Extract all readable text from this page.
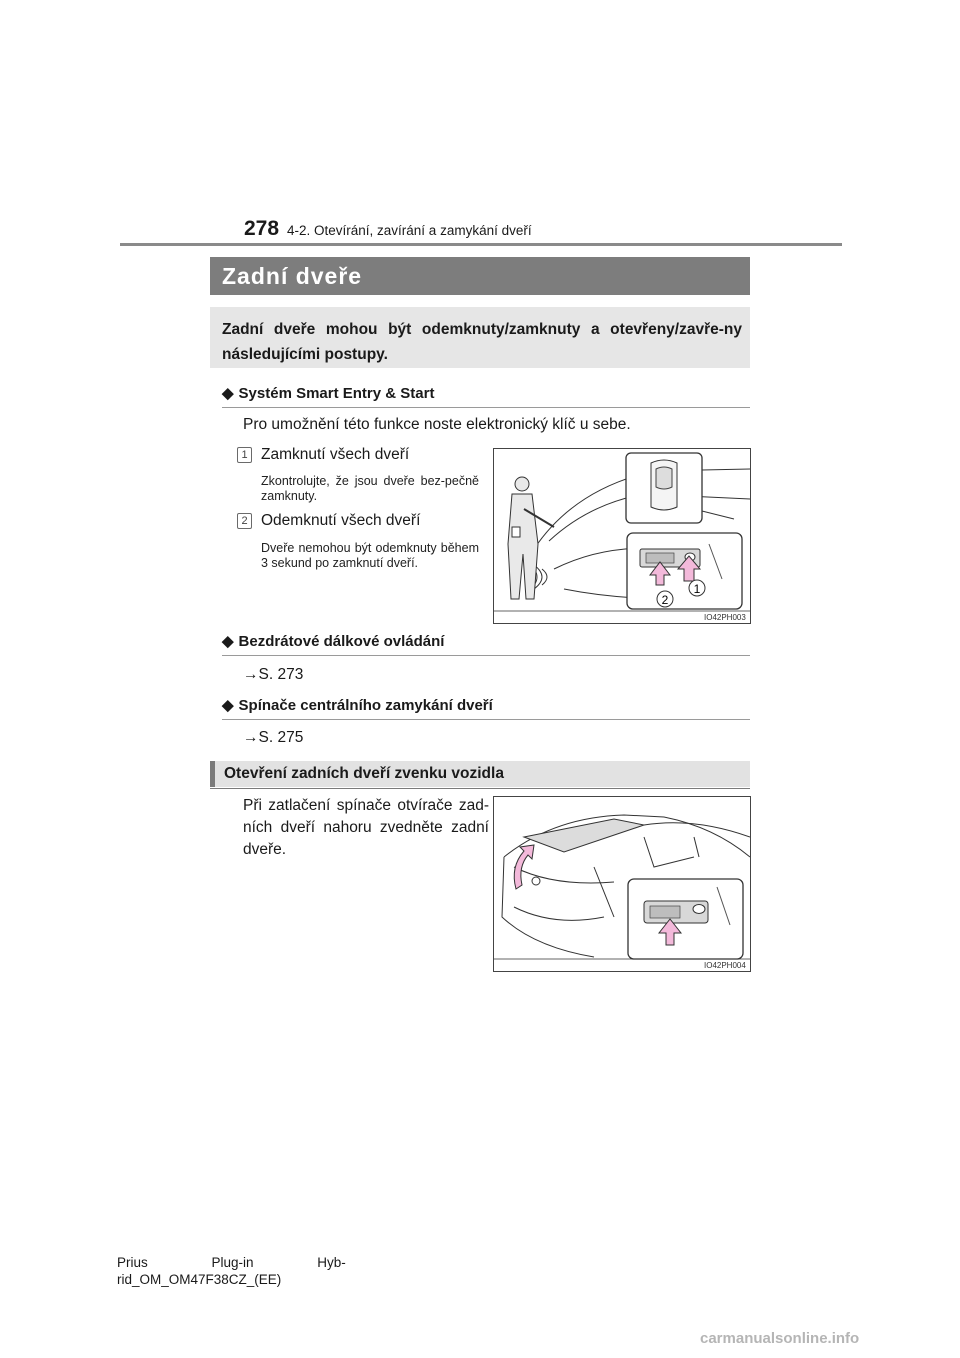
278 4-2. Otevírání, zavírání a zamykání dveří
Zadní dveře
Zadní dveře mohou být odemknuty/zamknuty a otevřeny/zavře-ny následujícími postupy.
◆ Systém Smart Entry & Start
Pro umožnění této funkce noste elektronický klíč u sebe.
1 Zamknutí všech dveří
Zkontrolujte, že jsou dveře bez-pečně zamknuty.
2 Odemknutí všech dveří
Dveře nemohou být odemknuty během 3 sekund po zamknutí dveří.
2
1
IO42PH003
◆ Bezdrátové dálkové ovládání
→S. 273
◆ Spínače centrálního zamykání dveří
→S. 275
Otevření zadních dveří zvenku vozidla
Při zatlačení spínače otvírače zad-ních dveří nahoru zvedněte zadní dveře.
IO42PH004
Prius Plug-in Hyb-
rid_OM_OM47F38CZ_(EE)
carmanualsonline.info
